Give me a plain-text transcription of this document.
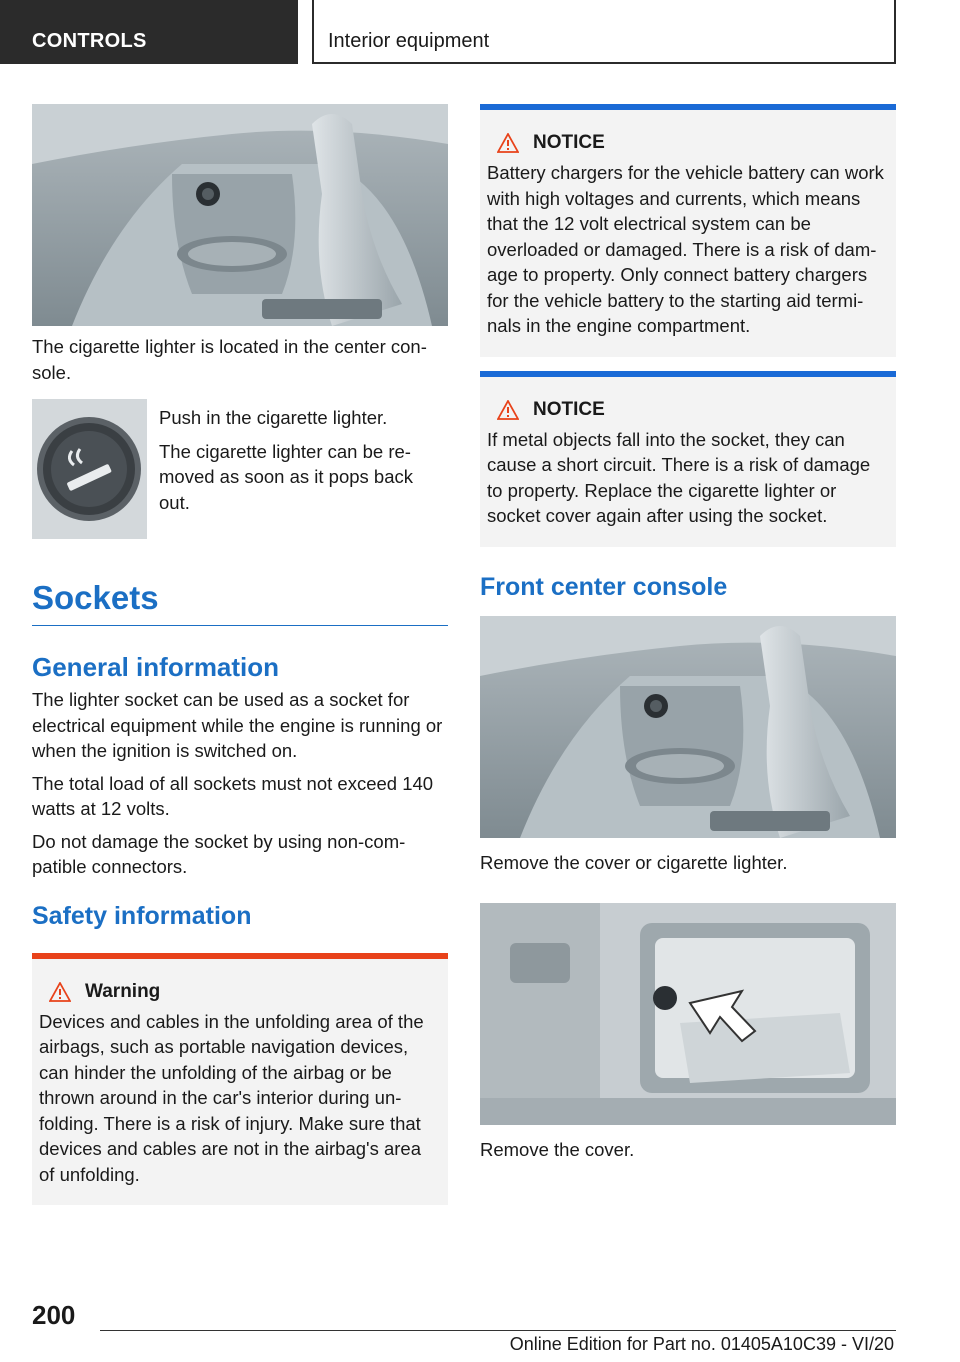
CONTROLS	Interior equipment

The cigarette lighter is located in the center con‐sole.

Push in the cigarette lighter.

The cigarette lighter can be re‐moved as soon as it pops back out.

Sockets
General information

The lighter socket can be used as a socket for electrical equipment while the engine is running or when the ignition is switched on.

The total load of all sockets must not exceed 140 watts at 12 volts.

Do not damage the socket by using non-com‐patible connectors.

Safety information
Warning

Devices and cables in the unfolding area of the airbags, such as portable navigation devices, can hinder the unfolding of the airbag or be thrown around in the car's interior during un‐folding. There is a risk of injury. Make sure that devices and cables are not in the airbag's area of unfolding.

NOTICE

Battery chargers for the vehicle battery can work with high voltages and currents, which means that the 12 volt electrical system can be overloaded or damaged. There is a risk of dam‐age to property. Only connect battery chargers for the vehicle battery to the starting aid termi‐nals in the engine compartment.

NOTICE

If metal objects fall into the socket, they can cause a short circuit. There is a risk of damage to property. Replace the cigarette lighter or socket cover again after using the socket.

Front center console

Remove the cover or cigarette lighter.

Remove the cover.

200
Online Edition for Part no. 01405A10C39 - VI/20
